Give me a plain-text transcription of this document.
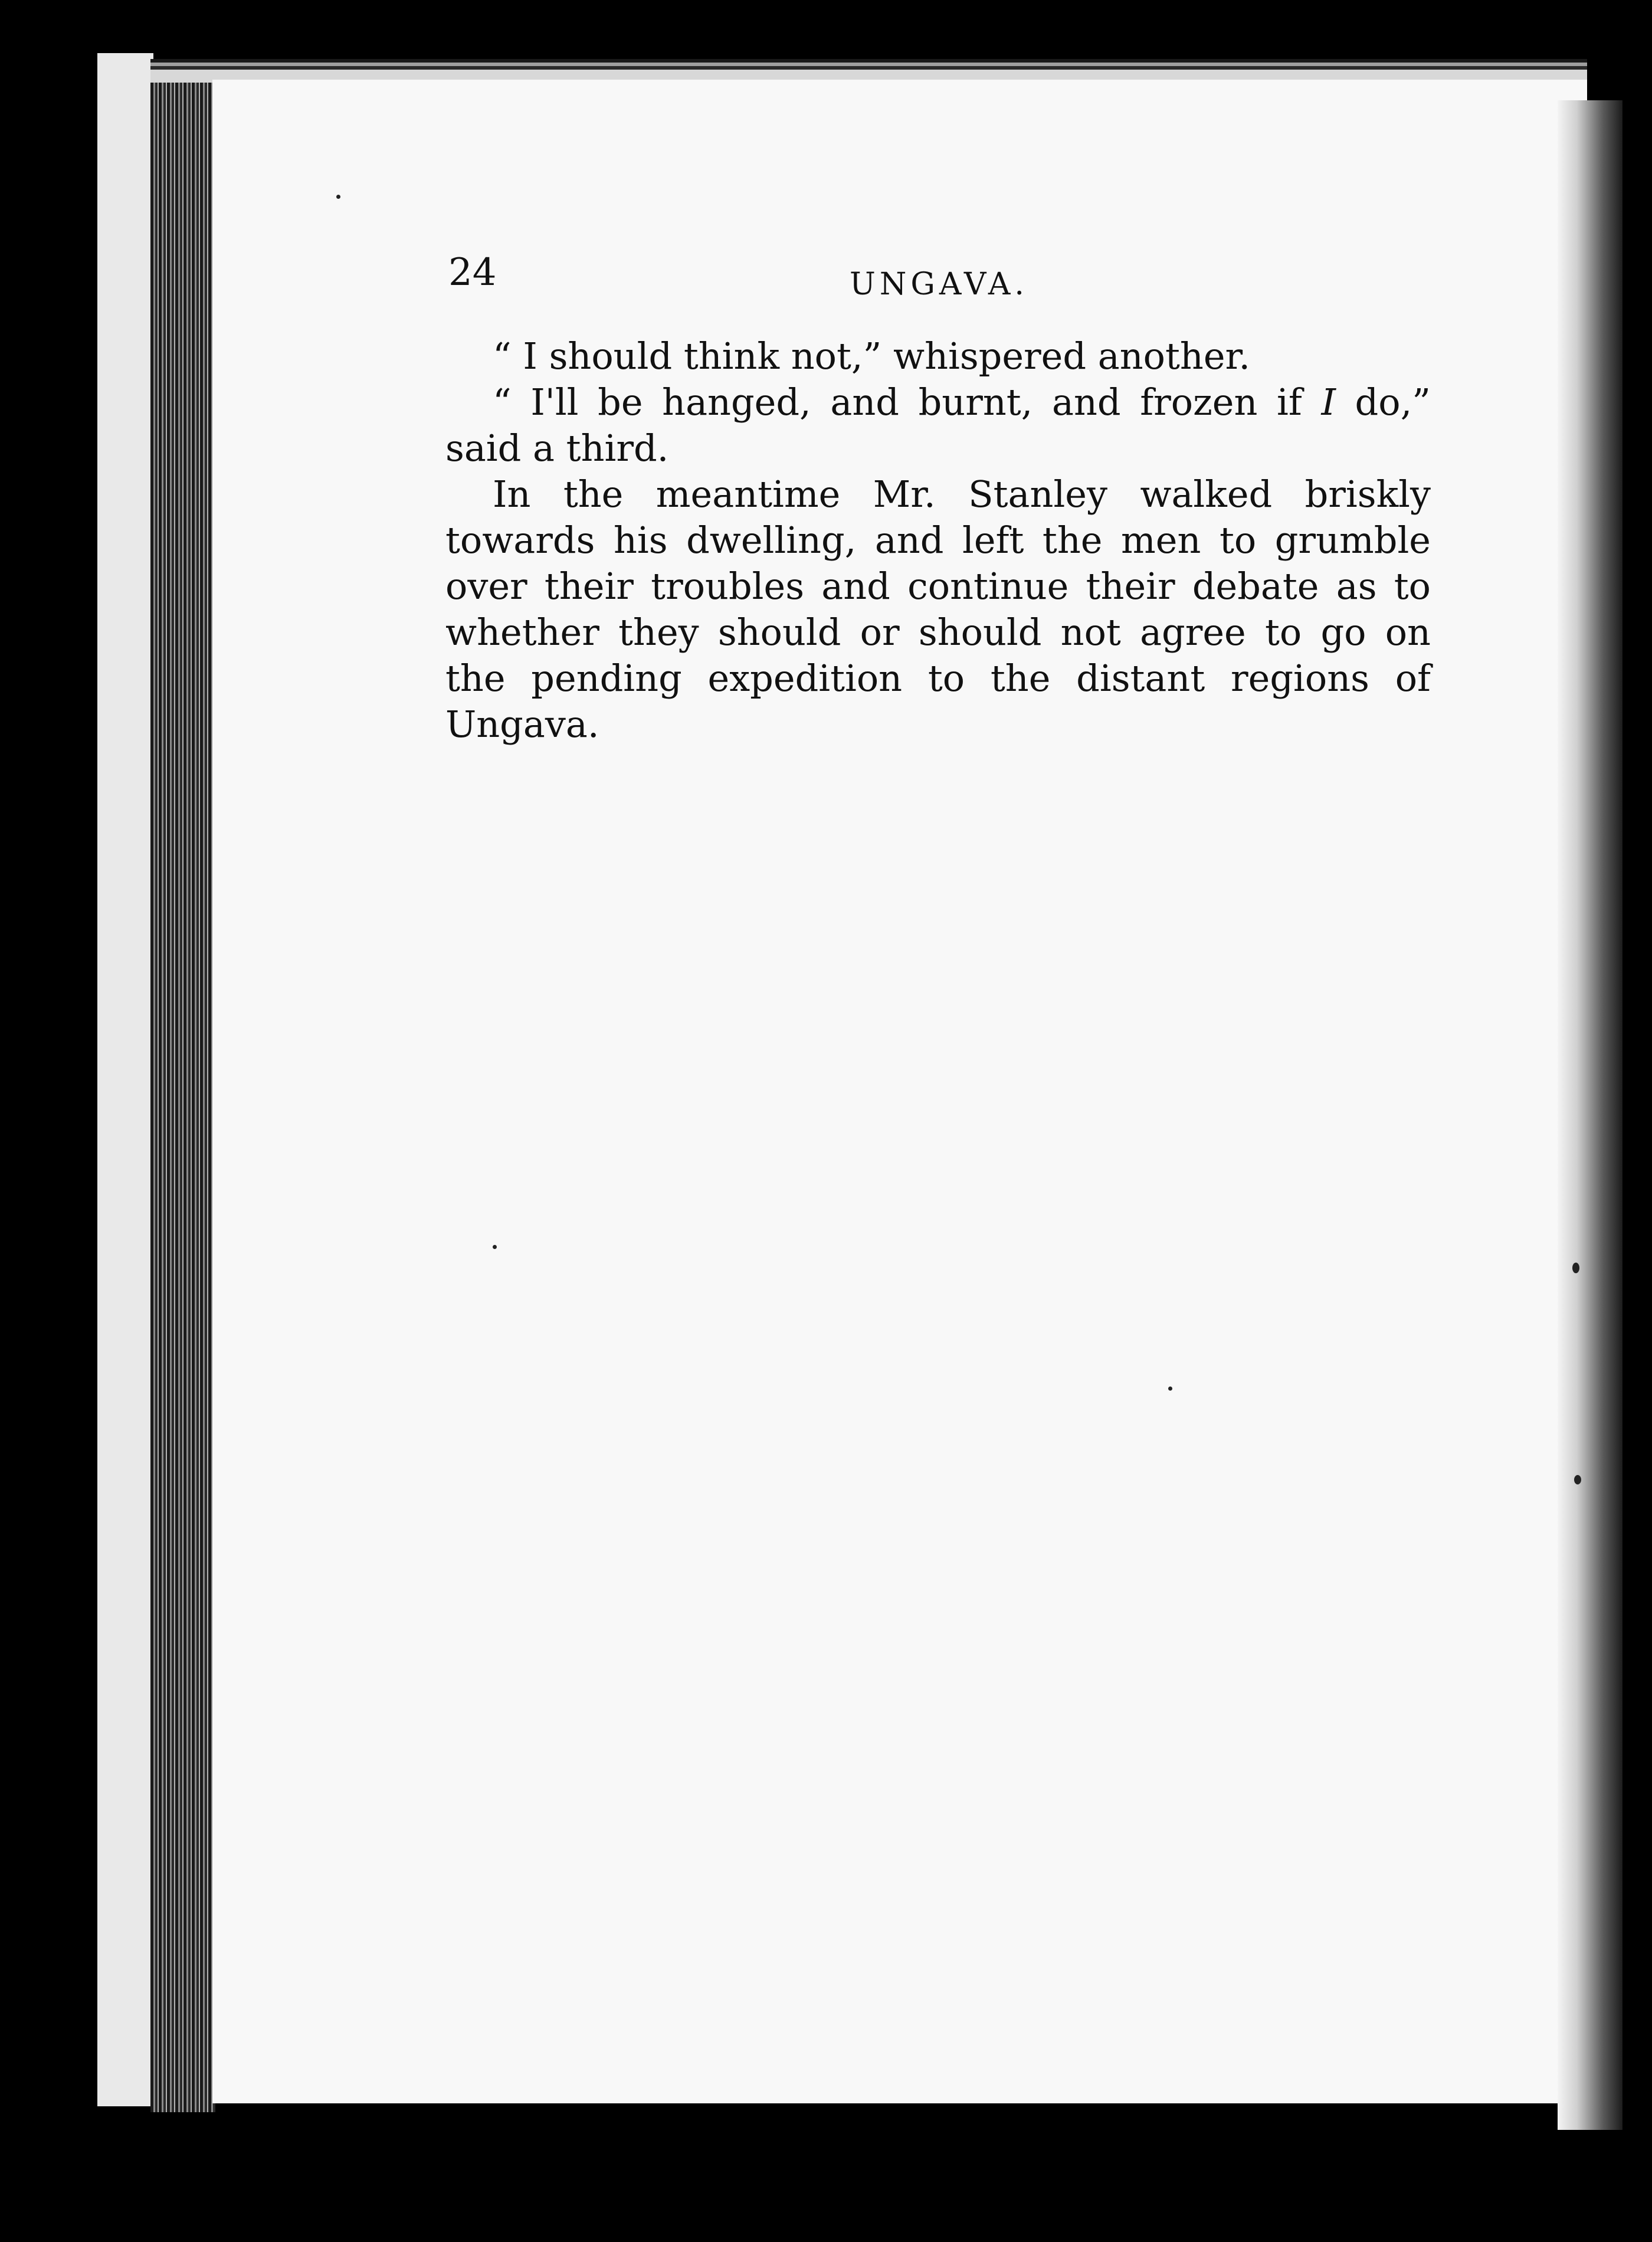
24	UNGAVA.

“ I should think not,” whispered another.

“ I'll be hanged, and burnt, and frozen if I do,” said a third.

In the meantime Mr. Stanley walked briskly towards his dwelling, and left the men to grumble over their troubles and continue their debate as to whether they should or should not agree to go on the pending expedition to the distant regions of Ungava.
